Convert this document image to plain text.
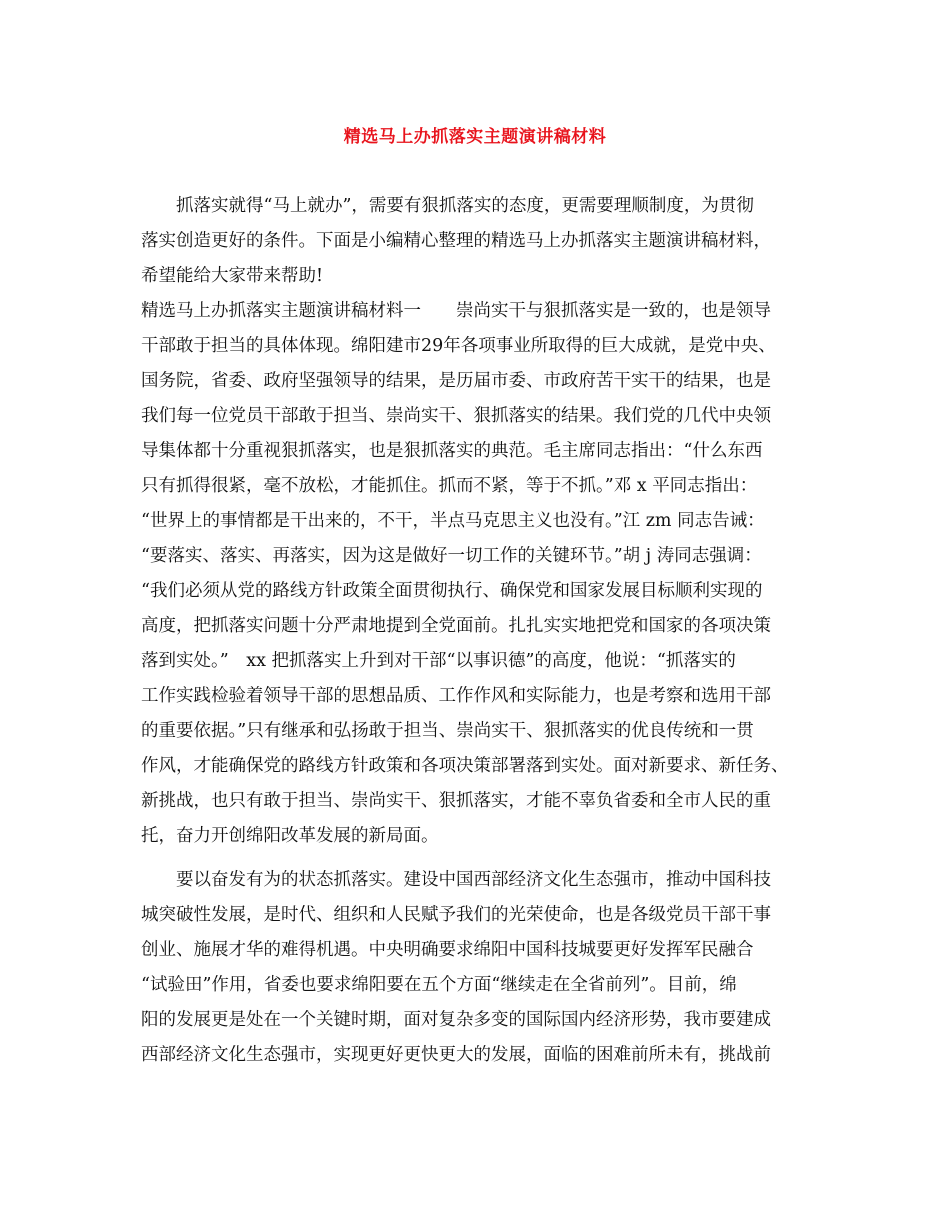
精选马上办抓落实主题演讲稿材料
　　抓落实就得“马上就办”，需要有狠抓落实的态度，更需要理顺制度，为贯彻
落实创造更好的条件。下面是小编精心整理的精选马上办抓落实主题演讲稿材料，
希望能给大家带来帮助!
精选马上办抓落实主题演讲稿材料一　　崇尚实干与狠抓落实是一致的，也是领导
干部敢于担当的具体体现。绵阳建市29年各项事业所取得的巨大成就，是党中央、
国务院，省委、政府坚强领导的结果，是历届市委、市政府苦干实干的结果，也是
我们每一位党员干部敢于担当、崇尚实干、狠抓落实的结果。我们党的几代中央领
导集体都十分重视狠抓落实，也是狠抓落实的典范。毛主席同志指出：“什么东西
只有抓得很紧，毫不放松，才能抓住。抓而不紧，等于不抓。”邓 x 平同志指出：
“世界上的事情都是干出来的，不干，半点马克思主义也没有。”江 zm 同志告诫：
“要落实、落实、再落实，因为这是做好一切工作的关键环节。”胡 j 涛同志强调：
“我们必须从党的路线方针政策全面贯彻执行、确保党和国家发展目标顺利实现的
高度，把抓落实问题十分严肃地提到全党面前。扎扎实实地把党和国家的各项决策
落到实处。”　xx 把抓落实上升到对干部“以事识德”的高度，他说：“抓落实的
工作实践检验着领导干部的思想品质、工作作风和实际能力，也是考察和选用干部
的重要依据。”只有继承和弘扬敢于担当、崇尚实干、狠抓落实的优良传统和一贯
作风，才能确保党的路线方针政策和各项决策部署落到实处。面对新要求、新任务、
新挑战，也只有敢于担当、崇尚实干、狠抓落实，才能不辜负省委和全市人民的重
托，奋力开创绵阳改革发展的新局面。
　　要以奋发有为的状态抓落实。建设中国西部经济文化生态强市，推动中国科技
城突破性发展，是时代、组织和人民赋予我们的光荣使命，也是各级党员干部干事
创业、施展才华的难得机遇。中央明确要求绵阳中国科技城要更好发挥军民融合
“试验田”作用，省委也要求绵阳要在五个方面“继续走在全省前列”。目前，绵
阳的发展更是处在一个关键时期，面对复杂多变的国际国内经济形势，我市要建成
西部经济文化生态强市，实现更好更快更大的发展，面临的困难前所未有，挑战前
